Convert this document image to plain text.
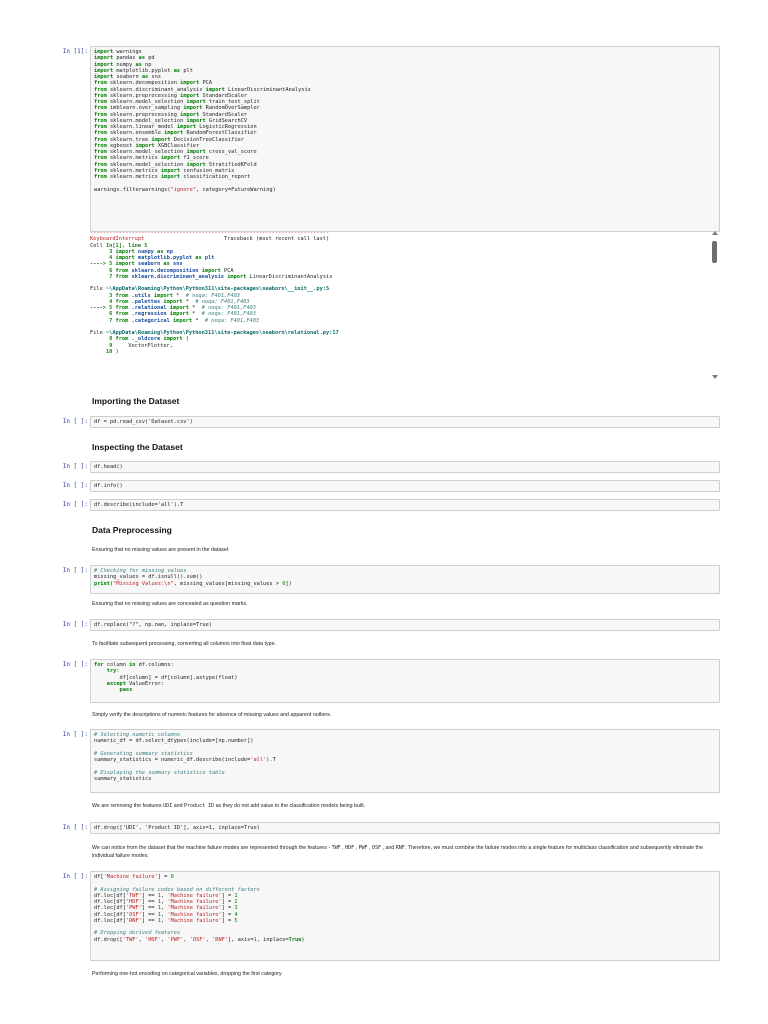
In [1]: import warnings
import pandas as pd
import numpy as np
import matplotlib.pyplot as plt
import seaborn as sns
from sklearn.decomposition import PCA
from sklearn.discriminant_analysis import LinearDiscriminantAnalysis
from sklearn.preprocessing import StandardScaler
from sklearn.model_selection import train_test_split
from imblearn.over_sampling import RandomOverSampler
from sklearn.preprocessing import StandardScaler
from sklearn.model_selection import GridSearchCV
from sklearn.linear_model import LogisticRegression
from sklearn.ensemble import RandomForestClassifier
from sklearn.tree import DecisionTreeClassifier
from xgboost import XGBClassifier
from sklearn.model_selection import cross_val_score
from sklearn.metrics import f1_score
from sklearn.model_selection import StratifiedKFold
from sklearn.metrics import confusion_matrix
from sklearn.metrics import classification_report

warnings.filterwarnings("ignore", category=FutureWarning)
---------------------------------------------------------------------------
KeyboardInterrupt	Traceback (most recent call last)
Cell In[1], line 5
3 import numpy as np
4 import matplotlib.pyplot as plt
----> 5 import seaborn as sns
6 from sklearn.decomposition import PCA
7 from sklearn.discriminant_analysis import LinearDiscriminantAnalysis

File ~\AppData\Roaming\Python\Python311\site-packages\seaborn\__init__.py:5
3 from .utils import *  # noqa: F401,F403
4 from .palettes import *  # noqa: F401,F403
----> 5 from .relational import *  # noqa: F401,F403
6 from .regression import *  # noqa: F401,F403
7 from .categorical import *  # noqa: F401,F403

File ~\AppData\Roaming\Python\Python311\site-packages\seaborn\relational.py:17
8 from ._oldcore import (
9	VectorPlotter,
10 )
Importing the Dataset
In [ ]: df = pd.read_csv('Dataset.csv')
Inspecting the Dataset
In [ ]: df.head()
In [ ]: df.info()
In [ ]: df.describe(include='all').T
Data Preprocessing
Ensuring that no missing values are present in the dataset
In [ ]: # Checking for missing values
missing_values = df.isnull().sum()
print("Missing Values:\n", missing_values[missing_values > 0])
Ensuring that no missing values are concealed as question marks.
In [ ]: df.replace("?", np.nan, inplace=True)
To facilitate subsequent processing, converting all columns into float data type.
In [ ]: for column in df.columns:
try:
df[column] = df[column].astype(float)
except ValueError:
pass
Simply verify the descriptions of numeric features for absence of missing values and apparent outliers.
In [ ]: # Selecting numeric columns
numeric_df = df.select_dtypes(include=[np.number])

# Generating summary statistics
summary_statistics = numeric_df.describe(include='all').T

# Displaying the summary statistics table
summary_statistics
We are removing the features UDI and Product ID as they do not add value to the classification models being built.
In [ ]: df.drop(['UDI', 'Product ID'], axis=1, inplace=True)
We can notice from the dataset that the machine failure modes are represented through the features - TWF , HDF , PWF , OSF , and RNF. Therefore, we must combine the failure modes into a single feature for multiclass classification and subsequently eliminate the individual failure modes.
In [ ]: df['Machine failure'] = 0

# Assigning failure codes based on different factors
df.loc[df['TWF'] == 1, 'Machine failure'] = 1
df.loc[df['HDF'] == 1, 'Machine failure'] = 2
df.loc[df['PWF'] == 1, 'Machine failure'] = 3
df.loc[df['OSF'] == 1, 'Machine failure'] = 4
df.loc[df['RNF'] == 1, 'Machine failure'] = 5

# Dropping derived features
df.drop(['TWF', 'HDF', 'PWF', 'OSF', 'RNF'], axis=1, inplace=True)
Performing one-hot encoding on categorical variables, dropping the first category
